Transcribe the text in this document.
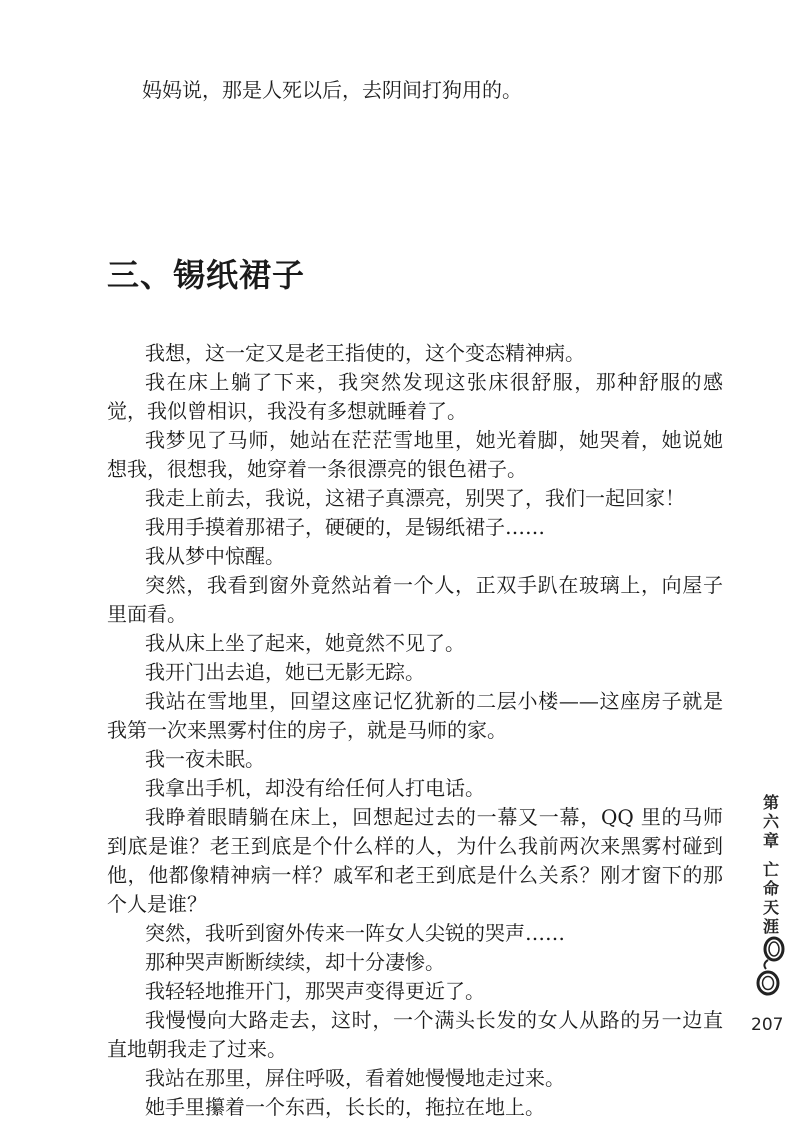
妈妈说，那是人死以后，去阴间打狗用的。
三、锡纸裙子

我想，这一定又是老王指使的，这个变态精神病。

我在床上躺了下来，我突然发现这张床很舒服，那种舒服的感觉，我似曾相识，我没有多想就睡着了。

我梦见了马师，她站在茫茫雪地里，她光着脚，她哭着，她说她想我，很想我，她穿着一条很漂亮的银色裙子。

我走上前去，我说，这裙子真漂亮，别哭了，我们一起回家！

我用手摸着那裙子，硬硬的，是锡纸裙子……

我从梦中惊醒。

突然，我看到窗外竟然站着一个人，正双手趴在玻璃上，向屋子里面看。

我从床上坐了起来，她竟然不见了。

我开门出去追，她已无影无踪。

我站在雪地里，回望这座记忆犹新的二层小楼——这座房子就是我第一次来黑雾村住的房子，就是马师的家。

我一夜未眠。

我拿出手机，却没有给任何人打电话。

我睁着眼睛躺在床上，回想起过去的一幕又一幕，QQ 里的马师到底是谁？老王到底是个什么样的人，为什么我前两次来黑雾村碰到他，他都像精神病一样？戚军和老王到底是什么关系？刚才窗下的那个人是谁？

突然，我听到窗外传来一阵女人尖锐的哭声……

那种哭声断断续续，却十分凄惨。

我轻轻地推开门，那哭声变得更近了。

我慢慢向大路走去，这时，一个满头长发的女人从路的另一边直直地朝我走了过来。

我站在那里，屏住呼吸，看着她慢慢地走过来。

她手里攥着一个东西，长长的，拖拉在地上。

第
六
章
亡
命
天
涯
207
